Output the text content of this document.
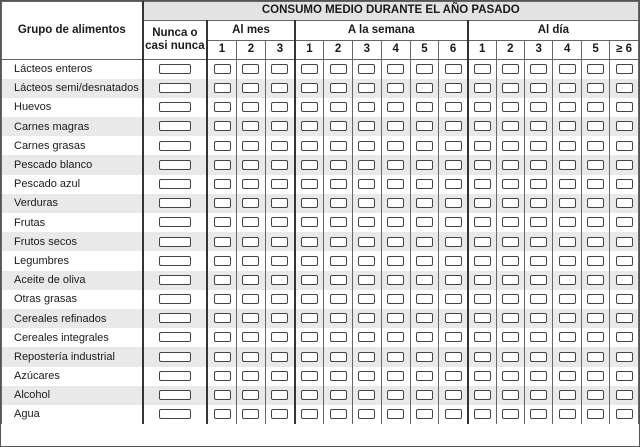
Grupo de alimentos	CONSUMO MEDIO DURANTE EL AÑO PASADO															
	Nunca o
casi nunca	Al mes			A la semana						Al día					
		1	2	3	1	2	3	4	5	6	1	2	3	4	5	≥ 6
Lácteos enteros																
Lácteos semi/desnatados																
Huevos																
Carnes magras																
Carnes grasas																
Pescado blanco																
Pescado azul																
Verduras																
Frutas																
Frutos secos																
Legumbres																
Aceite de oliva																
Otras grasas																
Cereales refinados																
Cereales integrales																
Repostería industrial																
Azúcares																
Alcohol																
Agua																
